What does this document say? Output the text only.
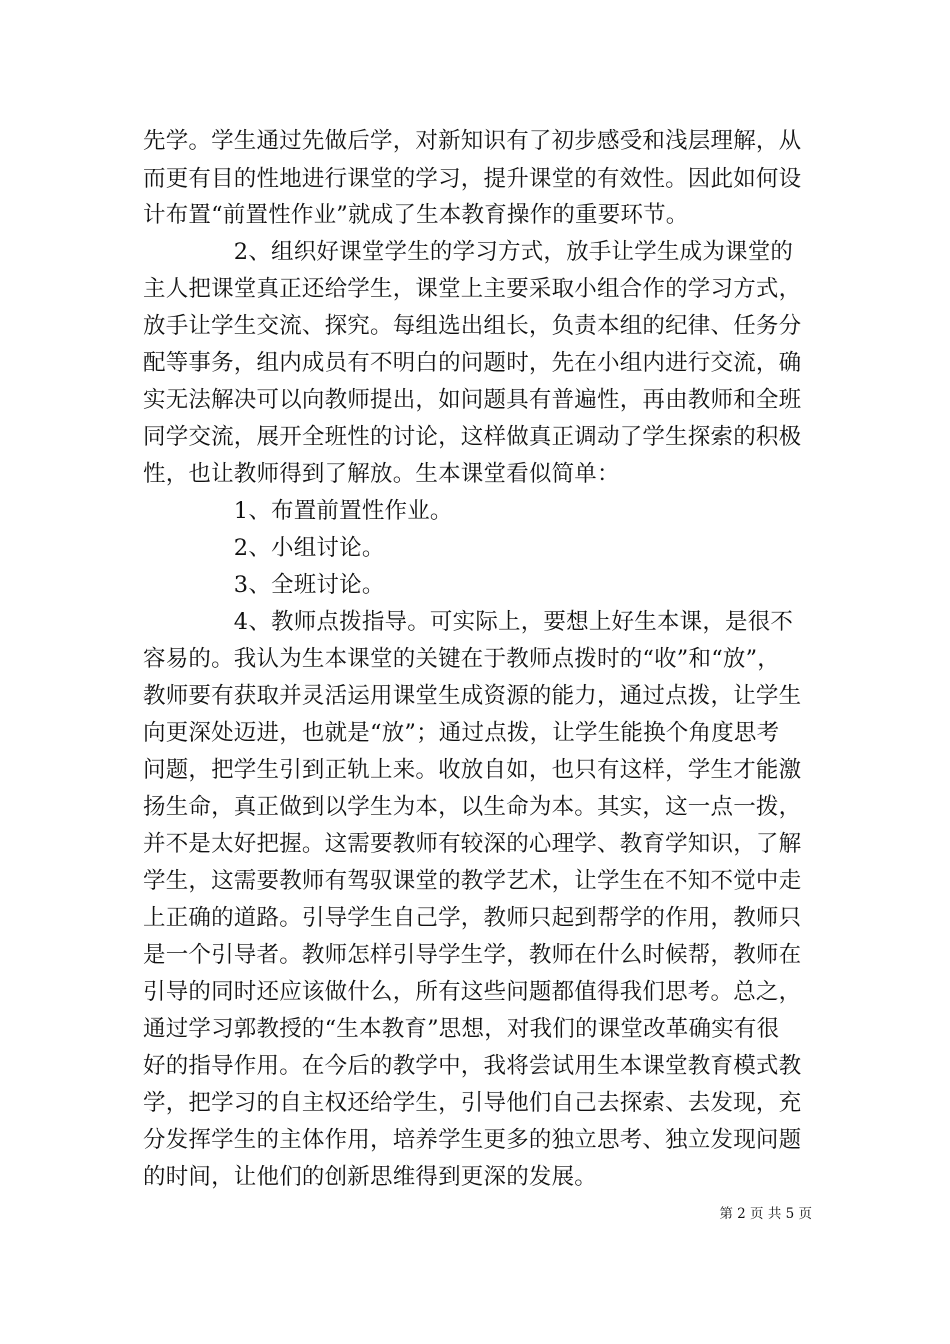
先学。学生通过先做后学，对新知识有了初步感受和浅层理解，从
而更有目的性地进行课堂的学习，提升课堂的有效性。因此如何设
计布置“前置性作业”就成了生本教育操作的重要环节。
　　　　2、组织好课堂学生的学习方式，放手让学生成为课堂的
主人把课堂真正还给学生，课堂上主要采取小组合作的学习方式，
放手让学生交流、探究。每组选出组长，负责本组的纪律、任务分
配等事务，组内成员有不明白的问题时，先在小组内进行交流，确
实无法解决可以向教师提出，如问题具有普遍性，再由教师和全班
同学交流，展开全班性的讨论，这样做真正调动了学生探索的积极
性，也让教师得到了解放。生本课堂看似简单：
　　　　1、布置前置性作业。
　　　　2、小组讨论。
　　　　3、全班讨论。
　　　　4、教师点拨指导。可实际上，要想上好生本课，是很不
容易的。我认为生本课堂的关键在于教师点拨时的“收”和“放”，
教师要有获取并灵活运用课堂生成资源的能力，通过点拨，让学生
向更深处迈进，也就是“放”；通过点拨，让学生能换个角度思考
问题，把学生引到正轨上来。收放自如，也只有这样，学生才能激
扬生命，真正做到以学生为本，以生命为本。其实，这一点一拨，
并不是太好把握。这需要教师有较深的心理学、教育学知识，了解
学生，这需要教师有驾驭课堂的教学艺术，让学生在不知不觉中走
上正确的道路。引导学生自己学，教师只起到帮学的作用，教师只
是一个引导者。教师怎样引导学生学，教师在什么时候帮，教师在
引导的同时还应该做什么，所有这些问题都值得我们思考。总之，
通过学习郭教授的“生本教育”思想，对我们的课堂改革确实有很
好的指导作用。在今后的教学中，我将尝试用生本课堂教育模式教
学，把学习的自主权还给学生，引导他们自己去探索、去发现，充
分发挥学生的主体作用，培养学生更多的独立思考、独立发现问题
的时间，让他们的创新思维得到更深的发展。
第 2 页 共 5 页
